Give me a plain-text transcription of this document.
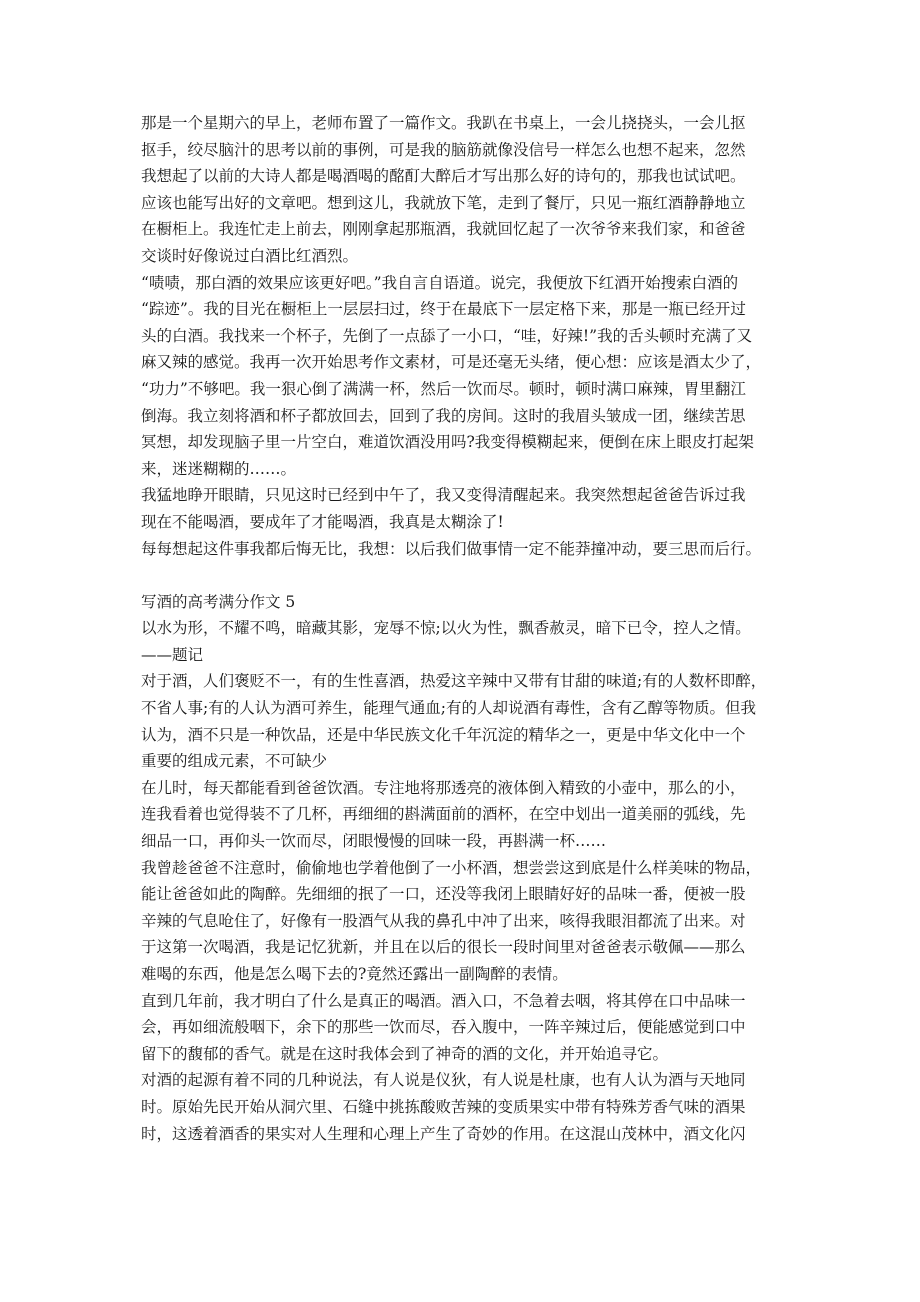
那是一个星期六的早上，老师布置了一篇作文。我趴在书桌上，一会儿挠挠头，一会儿抠
抠手，绞尽脑汁的思考以前的事例，可是我的脑筋就像没信号一样怎么也想不起来，忽然
我想起了以前的大诗人都是喝酒喝的酩酊大醉后才写出那么好的诗句的，那我也试试吧。
应该也能写出好的文章吧。想到这儿，我就放下笔，走到了餐厅，只见一瓶红酒静静地立
在橱柜上。我连忙走上前去，刚刚拿起那瓶酒，我就回忆起了一次爷爷来我们家，和爸爸
交谈时好像说过白酒比红酒烈。
“啧啧，那白酒的效果应该更好吧。”我自言自语道。说完，我便放下红酒开始搜索白酒的
“踪迹”。我的目光在橱柜上一层层扫过，终于在最底下一层定格下来，那是一瓶已经开过
头的白酒。我找来一个杯子，先倒了一点舔了一小口，“哇，好辣!”我的舌头顿时充满了又
麻又辣的感觉。我再一次开始思考作文素材，可是还毫无头绪，便心想：应该是酒太少了，
“功力”不够吧。我一狠心倒了满满一杯，然后一饮而尽。顿时，顿时满口麻辣，胃里翻江
倒海。我立刻将酒和杯子都放回去，回到了我的房间。这时的我眉头皱成一团，继续苦思
冥想，却发现脑子里一片空白，难道饮酒没用吗?我变得模糊起来，便倒在床上眼皮打起架
来，迷迷糊糊的……。
我猛地睁开眼睛，只见这时已经到中午了，我又变得清醒起来。我突然想起爸爸告诉过我
现在不能喝酒，要成年了才能喝酒，我真是太糊涂了!
每每想起这件事我都后悔无比，我想：以后我们做事情一定不能莽撞冲动，要三思而后行。
写酒的高考满分作文 5
以水为形，不耀不鸣，暗藏其影，宠辱不惊;以火为性，飘香赦灵，暗下已令，控人之情。
——题记
对于酒，人们褒贬不一，有的生性喜酒，热爱这辛辣中又带有甘甜的味道;有的人数杯即醉，
不省人事;有的人认为酒可养生，能理气通血;有的人却说酒有毒性，含有乙醇等物质。但我
认为，酒不只是一种饮品，还是中华民族文化千年沉淀的精华之一，更是中华文化中一个
重要的组成元素，不可缺少
在儿时，每天都能看到爸爸饮酒。专注地将那透亮的液体倒入精致的小壶中，那么的小，
连我看着也觉得装不了几杯，再细细的斟满面前的酒杯，在空中划出一道美丽的弧线，先
细品一口，再仰头一饮而尽，闭眼慢慢的回味一段，再斟满一杯……
我曾趁爸爸不注意时，偷偷地也学着他倒了一小杯酒，想尝尝这到底是什么样美味的物品，
能让爸爸如此的陶醉。先细细的抿了一口，还没等我闭上眼睛好好的品味一番，便被一股
辛辣的气息呛住了，好像有一股酒气从我的鼻孔中冲了出来，咳得我眼泪都流了出来。对
于这第一次喝酒，我是记忆犹新，并且在以后的很长一段时间里对爸爸表示敬佩——那么
难喝的东西，他是怎么喝下去的?竟然还露出一副陶醉的表情。
直到几年前，我才明白了什么是真正的喝酒。酒入口，不急着去咽，将其停在口中品味一
会，再如细流般咽下，余下的那些一饮而尽，吞入腹中，一阵辛辣过后，便能感觉到口中
留下的馥郁的香气。就是在这时我体会到了神奇的酒的文化，并开始追寻它。
对酒的起源有着不同的几种说法，有人说是仪狄，有人说是杜康，也有人认为酒与天地同
时。原始先民开始从洞穴里、石缝中挑拣酸败苦辣的变质果实中带有特殊芳香气味的酒果
时，这透着酒香的果实对人生理和心理上产生了奇妙的作用。在这混山茂林中，酒文化闪
